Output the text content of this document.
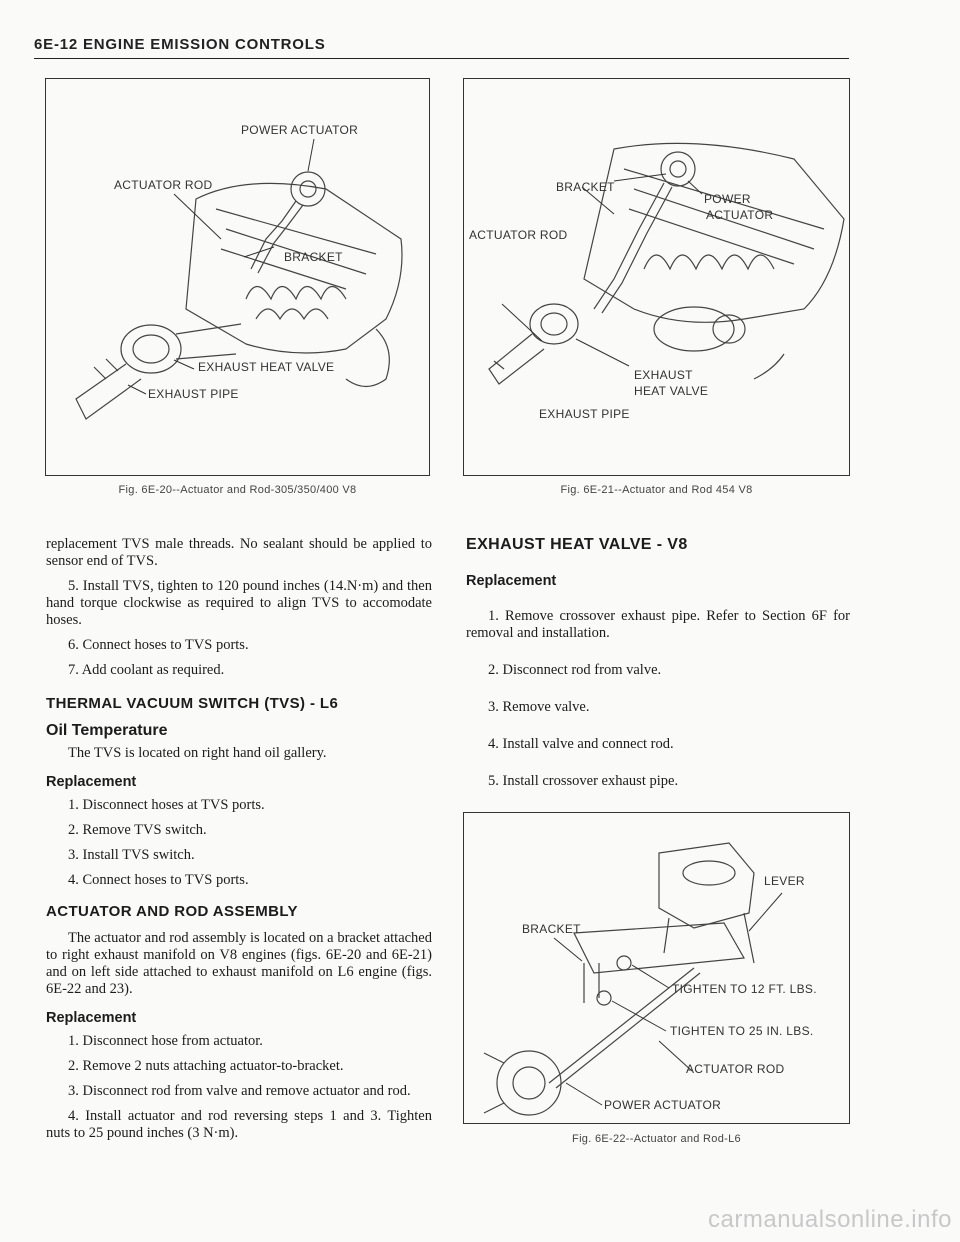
6E-12 ENGINE EMISSION CONTROLS
POWER ACTUATOR
ACTUATOR ROD
BRACKET
EXHAUST HEAT VALVE
EXHAUST PIPE
Fig. 6E-20--Actuator and Rod-305/350/400 V8
BRACKET
POWER
ACTUATOR
ACTUATOR ROD
EXHAUST
HEAT VALVE
EXHAUST PIPE
Fig. 6E-21--Actuator and Rod 454 V8

replacement TVS male threads. No sealant should be applied to sensor end of TVS.

5. Install TVS, tighten to 120 pound inches (14.N·m) and then hand torque clockwise as required to align TVS to accomodate hoses.

6. Connect hoses to TVS ports.

7. Add coolant as required.

THERMAL VACUUM SWITCH (TVS) - L6
Oil Temperature

The TVS is located on right hand oil gallery.

Replacement

1. Disconnect hoses at TVS ports.

2. Remove TVS switch.

3. Install TVS switch.

4. Connect hoses to TVS ports.

ACTUATOR AND ROD ASSEMBLY

The actuator and rod assembly is located on a bracket attached to right exhaust manifold on V8 engines (figs. 6E-20 and 6E-21) and on left side attached to exhaust manifold on L6 engine (figs. 6E-22 and 23).

Replacement

1. Disconnect hose from actuator.

2. Remove 2 nuts attaching actuator-to-bracket.

3. Disconnect rod from valve and remove actuator and rod.

4. Install actuator and rod reversing steps 1 and 3. Tighten nuts to 25 pound inches (3 N·m).

EXHAUST HEAT VALVE - V8
Replacement

1. Remove crossover exhaust pipe. Refer to Section 6F for removal and installation.

2. Disconnect rod from valve.

3. Remove valve.

4. Install valve and connect rod.

5. Install crossover exhaust pipe.

LEVER
BRACKET
TIGHTEN TO 12 FT. LBS.
TIGHTEN TO 25 IN. LBS.
ACTUATOR ROD
POWER ACTUATOR
Fig. 6E-22--Actuator and Rod-L6
carmanualsonline.info
